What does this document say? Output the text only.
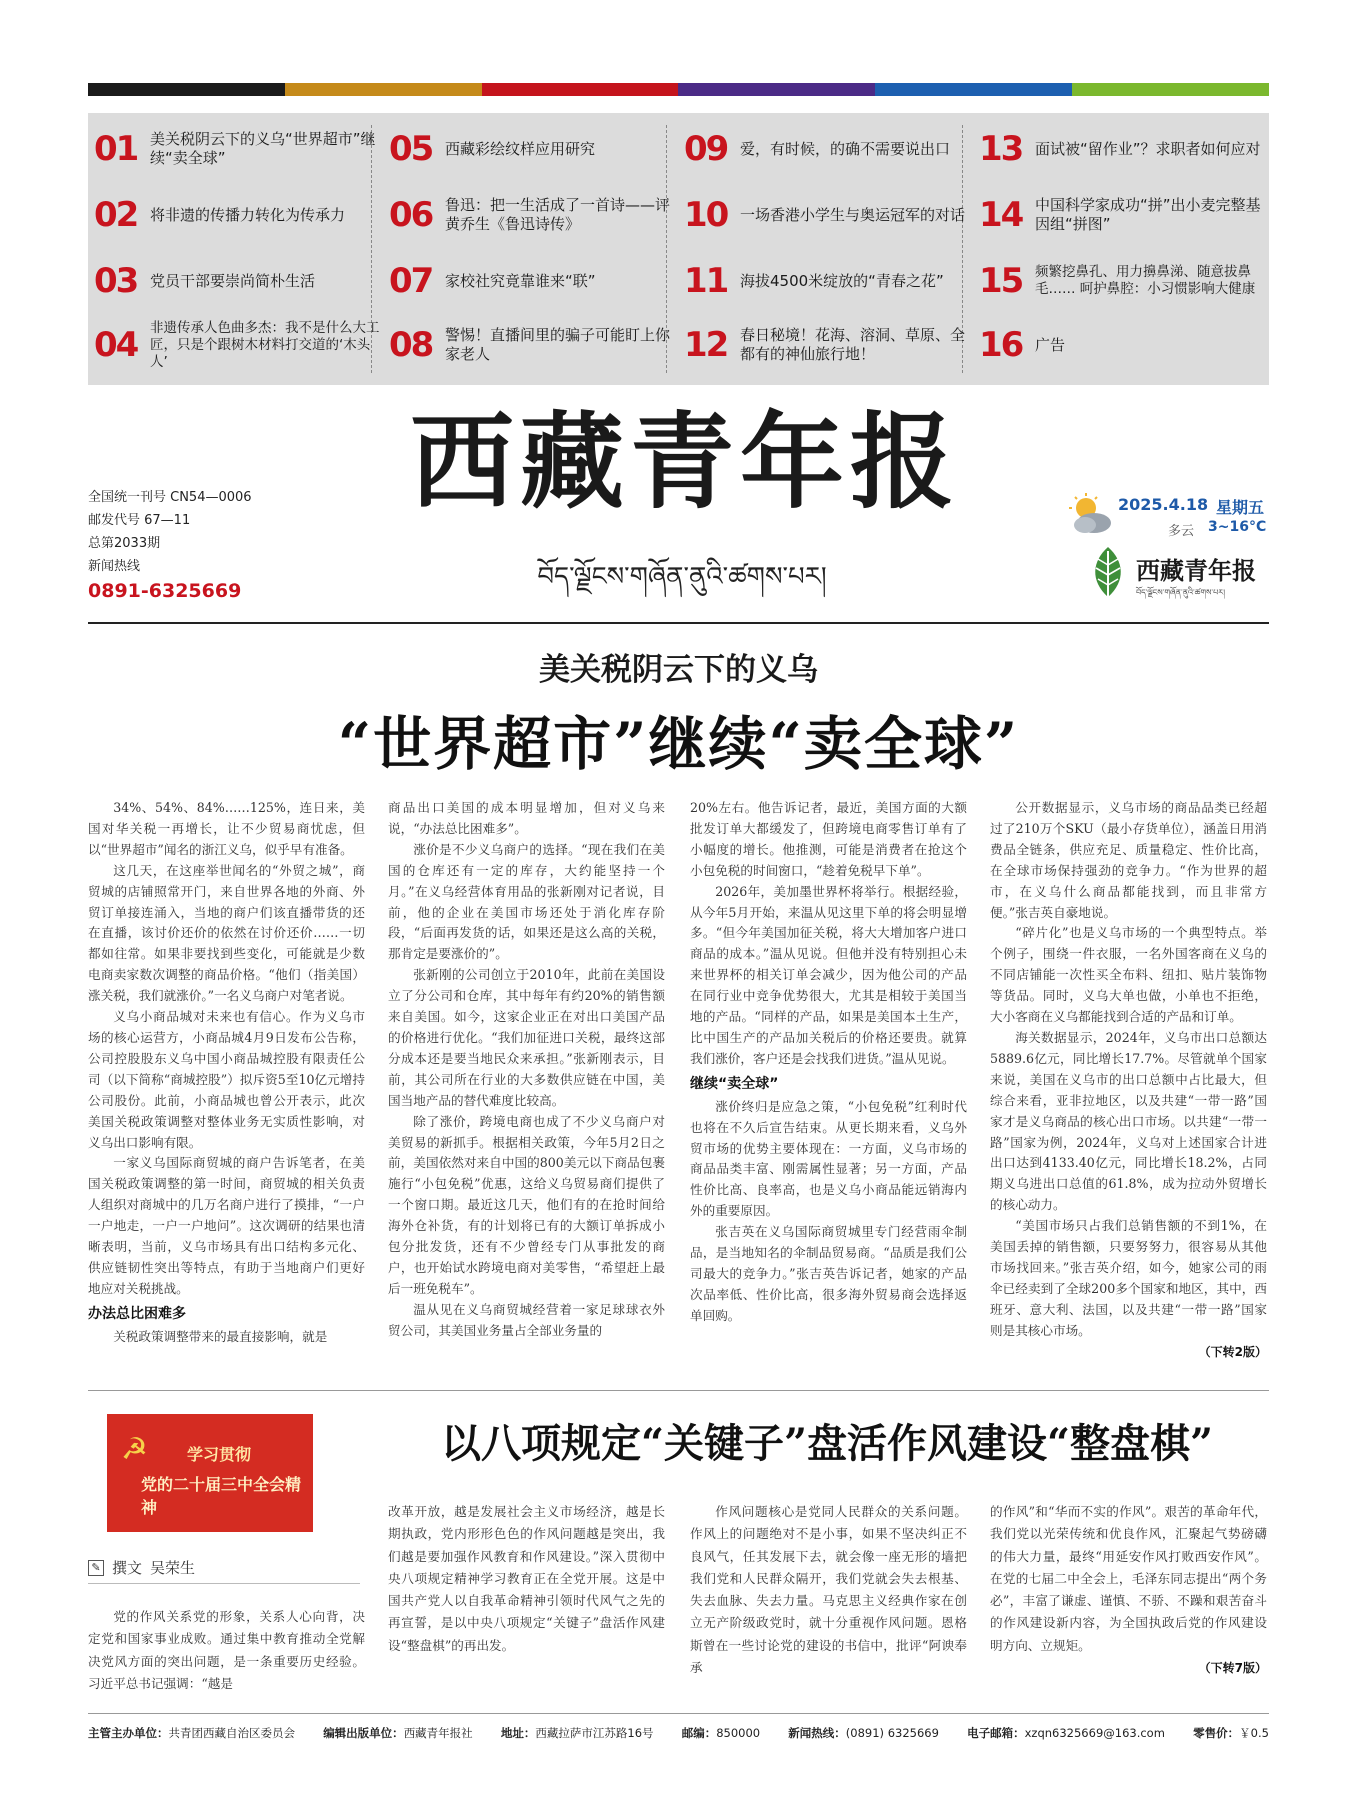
01 美关税阴云下的义乌“世界超市”继续“卖全球”
02 将非遗的传播力转化为传承力
03 党员干部要崇尚简朴生活
04 非遗传承人色曲多杰：我不是什么大工匠，只是个跟树木材料打交道的‘木头人’
05 西藏彩绘纹样应用研究
06 鲁迅：把一生活成了一首诗——评黄乔生《鲁迅诗传》
07 家校社究竟靠谁来“联”
08 警惕！直播间里的骗子可能盯上你家老人
09 爱，有时候，的确不需要说出口
10 一场香港小学生与奥运冠军的对话
11 海拔4500米绽放的“青春之花”
12 春日秘境！花海、溶洞、草原、全都有的神仙旅行地！
13 面试被“留作业”？求职者如何应对
14 中国科学家成功“拼”出小麦完整基因组“拼图”
15 频繁挖鼻孔、用力擤鼻涕、随意拔鼻毛…… 呵护鼻腔：小习惯影响大健康
16 广告
全国统一刊号 CN54—0006
邮发代号 67—11
总第2033期
新闻热线
0891-6325669
西藏青年报
བོད་ལྗོངས་གཞོན་ནུའི་ཚགས་པར།
2025.4.18 星期五
多云 3~16°C
西藏青年报
བོད་ལྗོངས་གཞོན་ནུའི་ཚགས་པར།
美关税阴云下的义乌
“世界超市”继续“卖全球”

34%、54%、84%……125%，连日来，美国对华关税一再增长，让不少贸易商忧虑，但以“世界超市”闻名的浙江义乌，似乎早有准备。

这几天，在这座举世闻名的“外贸之城”，商贸城的店铺照常开门，来自世界各地的外商、外贸订单接连涌入，当地的商户们该直播带货的还在直播，该讨价还价的依然在讨价还价……一切都如往常。如果非要找到些变化，可能就是少数电商卖家数次调整的商品价格。“他们（指美国）涨关税，我们就涨价。”一名义乌商户对笔者说。

义乌小商品城对未来也有信心。作为义乌市场的核心运营方，小商品城4月9日发布公告称，公司控股股东义乌中国小商品城控股有限责任公司（以下简称“商城控股”）拟斥资5至10亿元增持公司股份。此前，小商品城也曾公开表示，此次美国关税政策调整对整体业务无实质性影响，对义乌出口影响有限。

一家义乌国际商贸城的商户告诉笔者，在美国关税政策调整的第一时间，商贸城的相关负责人组织对商城中的几万名商户进行了摸排，“一户一户地走，一户一户地问”。这次调研的结果也清晰表明，当前，义乌市场具有出口结构多元化、供应链韧性突出等特点，有助于当地商户们更好地应对关税挑战。

办法总比困难多

关税政策调整带来的最直接影响，就是

商品出口美国的成本明显增加，但对义乌来说，“办法总比困难多”。

涨价是不少义乌商户的选择。“现在我们在美国的仓库还有一定的库存，大约能坚持一个月。”在义乌经营体育用品的张新刚对记者说，目前，他的企业在美国市场还处于消化库存阶段，“后面再发货的话，如果还是这么高的关税，那肯定是要涨价的”。

张新刚的公司创立于2010年，此前在美国设立了分公司和仓库，其中每年有约20%的销售额来自美国。如今，这家企业正在对出口美国产品的价格进行优化。“我们加征进口关税，最终这部分成本还是要当地民众来承担。”张新刚表示，目前，其公司所在行业的大多数供应链在中国，美国当地产品的替代难度比较高。

除了涨价，跨境电商也成了不少义乌商户对美贸易的新抓手。根据相关政策，今年5月2日之前，美国依然对来自中国的800美元以下商品包裹施行“小包免税”优惠，这给义乌贸易商们提供了一个窗口期。最近这几天，他们有的在抢时间给海外仓补货，有的计划将已有的大额订单拆成小包分批发货，还有不少曾经专门从事批发的商户，也开始试水跨境电商对美零售，“希望赶上最后一班免税车”。

温从见在义乌商贸城经营着一家足球球衣外贸公司，其美国业务量占全部业务量的

20%左右。他告诉记者，最近，美国方面的大额批发订单大都缓发了，但跨境电商零售订单有了小幅度的增长。他推测，可能是消费者在抢这个小包免税的时间窗口，“趁着免税早下单”。

2026年，美加墨世界杯将举行。根据经验，从今年5月开始，来温从见这里下单的将会明显增多。“但今年美国加征关税，将大大增加客户进口商品的成本。”温从见说。但他并没有特别担心未来世界杯的相关订单会减少，因为他公司的产品在同行业中竞争优势很大，尤其是相较于美国当地的产品。“同样的产品，如果是美国本土生产，比中国生产的产品加关税后的价格还要贵。就算我们涨价，客户还是会找我们进货。”温从见说。

继续“卖全球”

涨价终归是应急之策，“小包免税”红利时代也将在不久后宣告结束。从更长期来看，义乌外贸市场的优势主要体现在：一方面，义乌市场的商品品类丰富、刚需属性显著；另一方面，产品性价比高、良率高，也是义乌小商品能远销海内外的重要原因。

张吉英在义乌国际商贸城里专门经营雨伞制品，是当地知名的伞制品贸易商。“品质是我们公司最大的竞争力。”张吉英告诉记者，她家的产品次品率低、性价比高，很多海外贸易商会选择返单回购。

公开数据显示，义乌市场的商品品类已经超过了210万个SKU（最小存货单位），涵盖日用消费品全链条，供应充足、质量稳定、性价比高，在全球市场保持强劲的竞争力。“作为世界的超市，在义乌什么商品都能找到，而且非常方便。”张吉英自豪地说。

“碎片化”也是义乌市场的一个典型特点。举个例子，围绕一件衣服，一名外国客商在义乌的不同店铺能一次性买全布料、纽扣、贴片装饰物等货品。同时，义乌大单也做，小单也不拒绝，大小客商在义乌都能找到合适的产品和订单。

海关数据显示，2024年，义乌市出口总额达5889.6亿元，同比增长17.7%。尽管就单个国家来说，美国在义乌市的出口总额中占比最大，但综合来看，亚非拉地区，以及共建“一带一路”国家才是义乌商品的核心出口市场。以共建“一带一路”国家为例，2024年，义乌对上述国家合计进出口达到4133.40亿元，同比增长18.2%，占同期义乌进出口总值的61.8%，成为拉动外贸增长的核心动力。

“美国市场只占我们总销售额的不到1%，在美国丢掉的销售额，只要努努力，很容易从其他市场找回来。”张吉英介绍，如今，她家公司的雨伞已经卖到了全球200多个国家和地区，其中，西班牙、意大利、法国，以及共建“一带一路”国家则是其核心市场。

（下转2版）
☭ 学习贯彻
党的二十届三中全会精神
✎ 撰文 吴荣生
以八项规定“关键子”盘活作风建设“整盘棋”

党的作风关系党的形象，关系人心向背，决定党和国家事业成败。通过集中教育推动全党解决党风方面的突出问题，是一条重要历史经验。习近平总书记强调：“越是

改革开放，越是发展社会主义市场经济，越是长期执政，党内形形色色的作风问题越是突出，我们越是要加强作风教育和作风建设。”深入贯彻中央八项规定精神学习教育正在全党开展。这是中国共产党人以自我革命精神引领时代风气之先的再宣誓，是以中央八项规定“关键子”盘活作风建设“整盘棋”的再出发。

作风问题核心是党同人民群众的关系问题。作风上的问题绝对不是小事，如果不坚决纠正不良风气，任其发展下去，就会像一座无形的墙把我们党和人民群众隔开，我们党就会失去根基、失去血脉、失去力量。马克思主义经典作家在创立无产阶级政党时，就十分重视作风问题。恩格斯曾在一些讨论党的建设的书信中，批评“阿谀奉承

的作风”和“华而不实的作风”。艰苦的革命年代，我们党以光荣传统和优良作风，汇聚起气势磅礴的伟大力量，最终“用延安作风打败西安作风”。在党的七届二中全会上，毛泽东同志提出“两个务必”，丰富了谦虚、谨慎、不骄、不躁和艰苦奋斗的作风建设新内容，为全国执政后党的作风建设明方向、立规矩。

（下转7版）
主管主办单位：共青团西藏自治区委员会 编辑出版单位：西藏青年报社 地址：西藏拉萨市江苏路16号 邮编：850000 新闻热线：(0891) 6325669 电子邮箱：xzqn6325669@163.com 零售价：￥0.5
